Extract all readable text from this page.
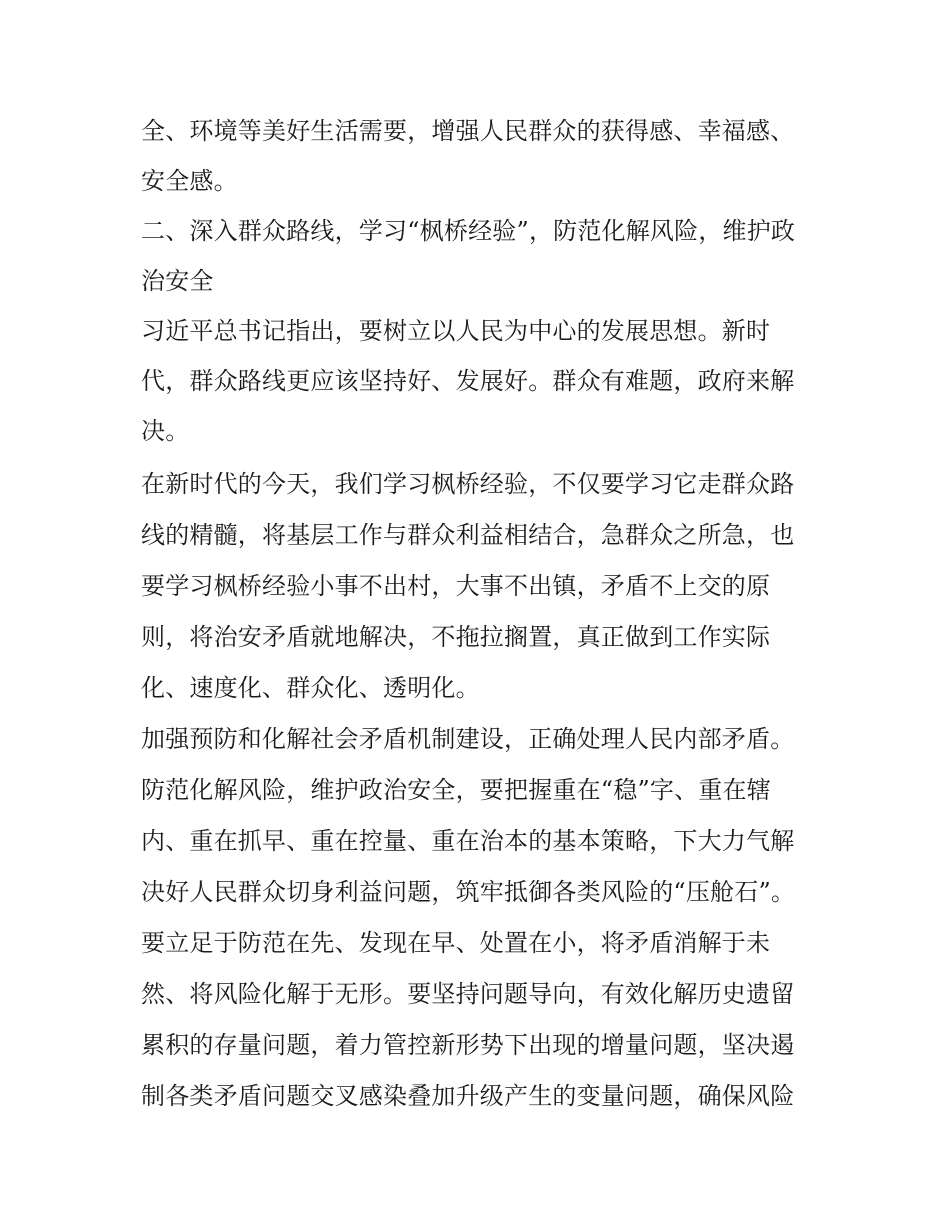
全、环境等美好生活需要，增强人民群众的获得感、幸福感、
安全感。
二、深入群众路线，学习“枫桥经验”，防范化解风险，维护政
治安全
习近平总书记指出，要树立以人民为中心的发展思想。新时
代，群众路线更应该坚持好、发展好。群众有难题，政府来解
决。
在新时代的今天，我们学习枫桥经验，不仅要学习它走群众路
线的精髓，将基层工作与群众利益相结合，急群众之所急，也
要学习枫桥经验小事不出村，大事不出镇，矛盾不上交的原
则，将治安矛盾就地解决，不拖拉搁置，真正做到工作实际
化、速度化、群众化、透明化。
加强预防和化解社会矛盾机制建设，正确处理人民内部矛盾。
防范化解风险，维护政治安全，要把握重在“稳”字、重在辖
内、重在抓早、重在控量、重在治本的基本策略，下大力气解
决好人民群众切身利益问题，筑牢抵御各类风险的“压舱石”。
要立足于防范在先、发现在早、处置在小，将矛盾消解于未
然、将风险化解于无形。要坚持问题导向，有效化解历史遗留
累积的存量问题，着力管控新形势下出现的增量问题，坚决遏
制各类矛盾问题交叉感染叠加升级产生的变量问题，确保风险
